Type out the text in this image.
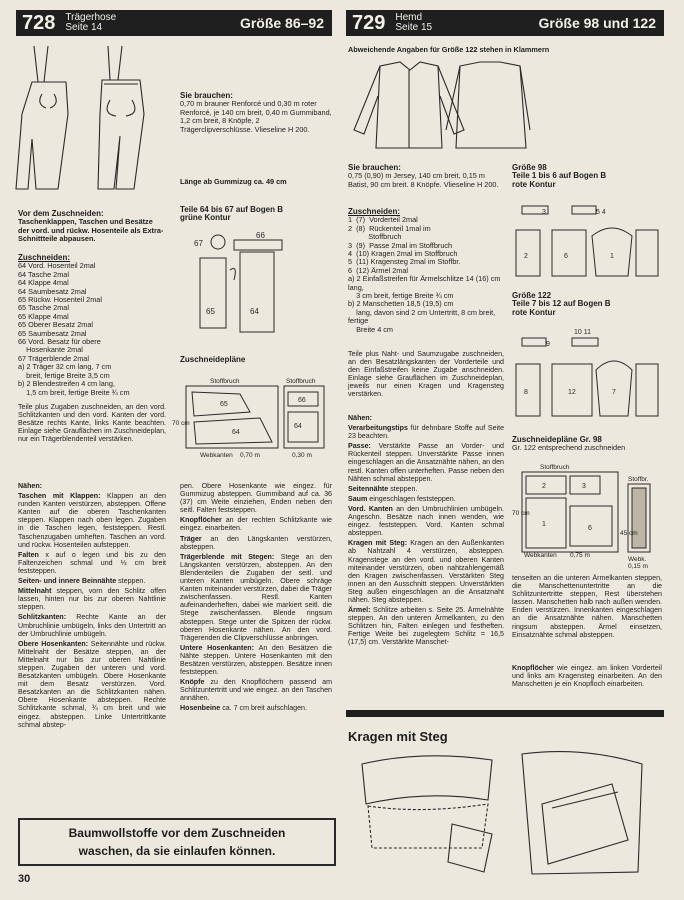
728	Trägerhose
Seite 14	Größe 86–92	729	Hemd
Seite 15	Größe 98 und 122
Sie brauchen:
0,70 m brauner Renforcé und 0,30 m roter Renforcé, je 140 cm breit, 0,40 m Gummiband, 1,2 cm breit, 8 Knöpfe, 2 Trägerclipverschlüsse. Vlieseline H 200.
Länge ab Gummizug ca. 49 cm
Teile 64 bis 67 auf Bogen B
grüne Kontur
65	64
66
67
Vor dem Zuschneiden:
Taschenklappen, Taschen und Besätze der vord. und rückw. Hosenteile als Extra-Schnittteile abpausen.
Zuschneiden:
64 Vord. Hosenteil 2mal
64 Tasche 2mal
64 Klappe 4mal
64 Saumbesatz 2mal
65 Rückw. Hosenteil 2mal
65 Tasche 2mal
65 Klappe 4mal
65 Oberer Besatz 2mal
65 Saumbesatz 2mal
66 Vord. Besatz für obere
Hosenkante 2mal
67 Trägerblende 2mal
a) 2 Träger 32 cm lang, 7 cm
breit, fertige Breite 3,5 cm
b) 2 Blendestreifen 4 cm lang,
1,5 cm breit, fertige Breite ¾ cm
Teile plus Zugaben zuschneiden, an den vord. Schlitzkanten und den vord. Kanten der vord. Besätze rechts Kante, links Kante beachten. Einlage siehe Grauflächen im Zuschneideplan, nur ein Trägerblendenteil verstärken.
Zuschneidepläne
65
64
64
66
Stoffbruch	Stoffbruch
70 cm
Webkanten 0,70 m	0,30 m

Nähen:

Taschen mit Klappen: Klappen an den runden Kanten verstürzen, absteppen. Offene Kanten auf die oberen Taschenkanten steppen. Klappen nach oben legen. Zugaben in die Taschen legen, feststeppen. Restl. Taschenzugaben umheften. Taschen an vord. und rückw. Hosenteilen aufsteppen.

Falten x auf o legen und bis zu den Faltenzeichen schmal und ⅓ cm breit feststeppen.

Seiten- und innere Beinnähte steppen.

Mittelnaht steppen, vorn den Schlitz offen lassen, hinten nur bis zur oberen Nahtlinie steppen.

Schlitzkanten: Rechte Kante an der Umbruchlinie umbügeln, links den Untertritt an der Umbruchlinie umbügeln.

Obere Hosenkanten: Seitennähte und rückw. Mittelnaht der Besätze steppen, an der Mittelnaht nur bis zur oberen Nahtlinie steppen. Zugaben der unteren und vord. Besatzkanten umbügeln. Obere Hosenkante mit dem Besatz verstürzen. Vord. Besatzkanten an die Schlitzkanten nähen. Obere Hosenkante absteppen. Rechte Schlitzkante schmal, ¾ cm breit und wie eingez. absteppen. Linke Untertrittkante schmal abstep-

pen. Obere Hosenkante wie eingez. für Gummizug absteppen. Gummiband auf ca. 36 (37) cm Weite einziehen, Enden neben den seitl. Falten feststeppen.

Knopflöcher an der rechten Schlitzkante wie eingez. einarbeiten.

Träger an den Längskanten verstürzen, absteppen.

Trägerblende mit Stegen: Stege an den Längskanten verstürzen, absteppen. An den Blendenteilen die Zugaben der seitl. und unteren Kanten umbügeln. Obere schräge Kanten miteinander verstürzen, dabei die Träger zwischenfassen. Restl. Kanten aufeinanderheften, dabei wie markiert seitl. die Stege zwischenfassen. Blende ringsum absteppen. Stege unter die Spitzen der rückw. oberen Hosenkante nähen. An den vord. Trägerenden die Clipverschlüsse anbringen.

Untere Hosenkanten: An den Besätzen die Nähte steppen. Untere Hosenkanten mit den Besätzen verstürzen, absteppen. Besätze innen feststeppen.

Knöpfe zu den Knopflöchern passend am Schlitzuntertritt und wie eingez. an den Taschen annähen.

Hosenbeine ca. 7 cm breit aufschlagen.

Baumwollstoffe vor dem Zuschneiden
waschen, da sie einlaufen können.
30
Abweichende Angaben für Größe 122 stehen in Klammern
Sie brauchen:
0,75 (0,90) m Jersey, 140 cm breit, 0,15 m Batist, 90 cm breit. 8 Knöpfe. Vlieseline H 200.
Zuschneiden:
1  (7)  Vorderteil 2mal
2  (8)  Rückenteil 1mal im
Stoffbruch
3  (9)  Passe 2mal im Stoffbruch
4  (10) Kragen 2mal im Stoffbruch
5  (11) Kragensteg 2mal im Stoffbr.
6  (12) Ärmel 2mal
a) 2 Einfaßstreifen für Ärmelschlitze 14 (16) cm lang,
3 cm breit, fertige Breite ¾ cm
b) 2 Manschetten 18,5 (19,5) cm
lang, davon sind 2 cm Untertritt, 8 cm breit, fertige
Breite 4 cm
Teile plus Naht- und Saumzugabe zuschneiden, an den Besatzlängskanten der Vorderteile und den Einfaßstreifen keine Zugabe anschneiden. Einlage siehe Grauflächen im Zuschneideplan, jeweils nur einen Kragen und Kragensteg verstärken.

Nähen:

Verarbeitungstips für dehnbare Stoffe auf Seite 23 beachten.

Passe: Verstärkte Passe an Vorder- und Rückenteil steppen. Unverstärkte Passe innen eingeschlagen an die Ansatznähte nähen, an den restl. Kanten offen unterheften. Passe neben den Nähten schmal absteppen.

Seitennähte steppen.

Saum eingeschlagen feststeppen.

Vord. Kanten an den Umbruchlinien umbügeln. Angeschn. Besätze nach innen wenden, wie eingez. feststeppen. Vord. Kanten schmal absteppen.

Kragen mit Steg: Kragen an den Außenkanten ab Nahtzahl 4 verstürzen, absteppen. Kragenstege an den vord. und oberen Kanten miteinander verstürzen, oben nahtzahlengemäß den Kragen zwischenfassen. Verstärkten Steg innen an den Ausschnitt steppen. Unverstärkten Steg außen eingeschlagen an die Ansatznaht nähen. Steg absteppen.

Ärmel: Schlitze arbeiten s. Seite 25. Ärmelnähte steppen. An den unteren Ärmelkanten, zu den Schlitzen hin, Falten einlegen und festheften. Fertige Weite bei zugelegtem Schlitz = 16,5 (17,5) cm. Verstärkte Manschet-

Größe 98
Teile 1 bis 6 auf Bogen B
rote Kontur
2	6	1
3	5 4
Größe 122
Teile 7 bis 12 auf Bogen B
rote Kontur
8	12	7
9
10 11
Zuschneidepläne Gr. 98
Gr. 122 entsprechend zuschneiden
2	3
1
6
Stoffbruch
Stoffbr.
70 cm
45 cm
Webkanten 0,75 m
Webk.
0,15 m
tenseiten an die unteren Ärmelkanten steppen, die Manschettenuntertritte an die Schlitzuntertritte steppen, Rest überstehen lassen. Manschetten halb nach außen wenden. Enden verstürzen. Innenkanten eingeschlagen an die Ansatznähte nähen. Manschetten ringsum absteppen. Ärmel einsetzen, Einsatznähte schmal absteppen.
Knopflöcher wie eingez. am linken Vorderteil und links am Kragensteg einarbeiten. An den Manschetten je ein Knopfloch einarbeiten.
Kragen mit Steg
